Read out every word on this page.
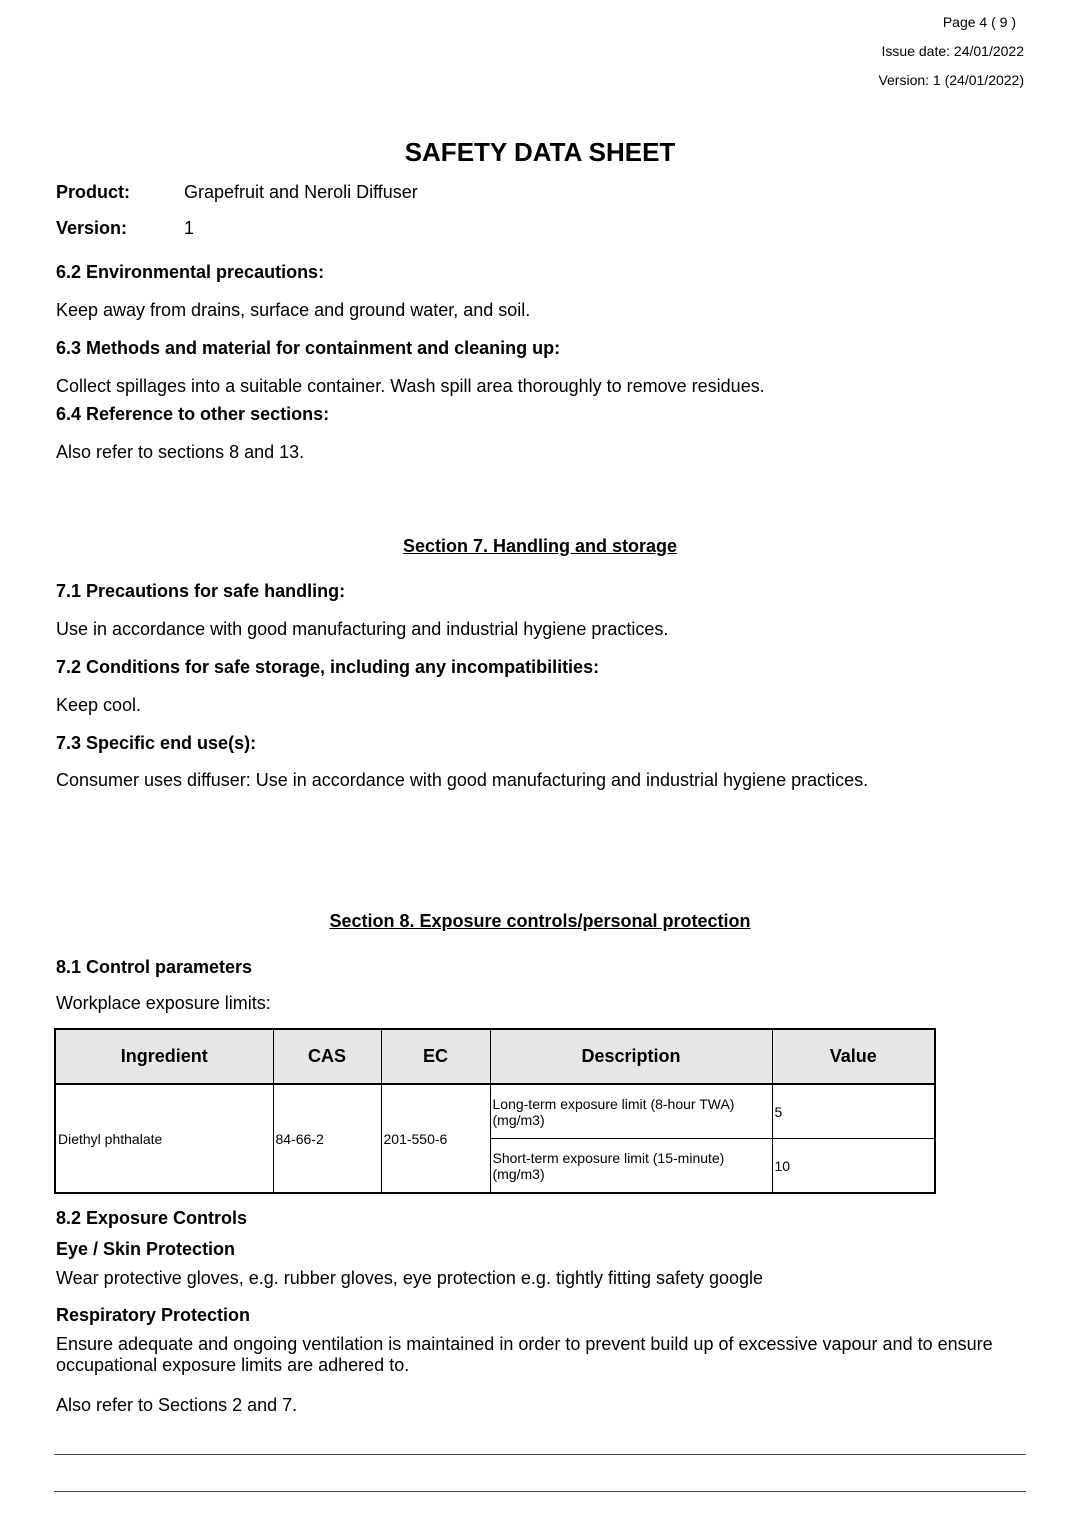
Page 4 ( 9 )
Issue date: 24/01/2022
Version: 1 (24/01/2022)
SAFETY DATA SHEET
Product:	Grapefruit and Neroli Diffuser
Version:	1
6.2 Environmental precautions:
Keep away from drains, surface and ground water, and soil.
6.3 Methods and material for containment and cleaning up:
Collect spillages into a suitable container. Wash spill area thoroughly to remove residues.
6.4 Reference to other sections:
Also refer to sections 8 and 13.
Section 7. Handling and storage
7.1 Precautions for safe handling:
Use in accordance with good manufacturing and industrial hygiene practices.
7.2 Conditions for safe storage, including any incompatibilities:
Keep cool.
7.3 Specific end use(s):
Consumer uses diffuser: Use in accordance with good manufacturing and industrial hygiene practices.
Section 8. Exposure controls/personal protection
8.1 Control parameters
Workplace exposure limits:
Ingredient	CAS	EC	Description	Value
Diethyl phthalate	84-66-2	201-550-6	Long-term exposure limit (8-hour TWA) (mg/m3)	5
			Short-term exposure limit (15-minute) (mg/m3)	10
8.2 Exposure Controls
Eye / Skin Protection
Wear protective gloves, e.g. rubber gloves, eye protection e.g. tightly fitting safety google
Respiratory Protection
Ensure adequate and ongoing ventilation is maintained in order to prevent build up of excessive vapour and to ensure occupational exposure limits are adhered to.
Also refer to Sections 2 and 7.
